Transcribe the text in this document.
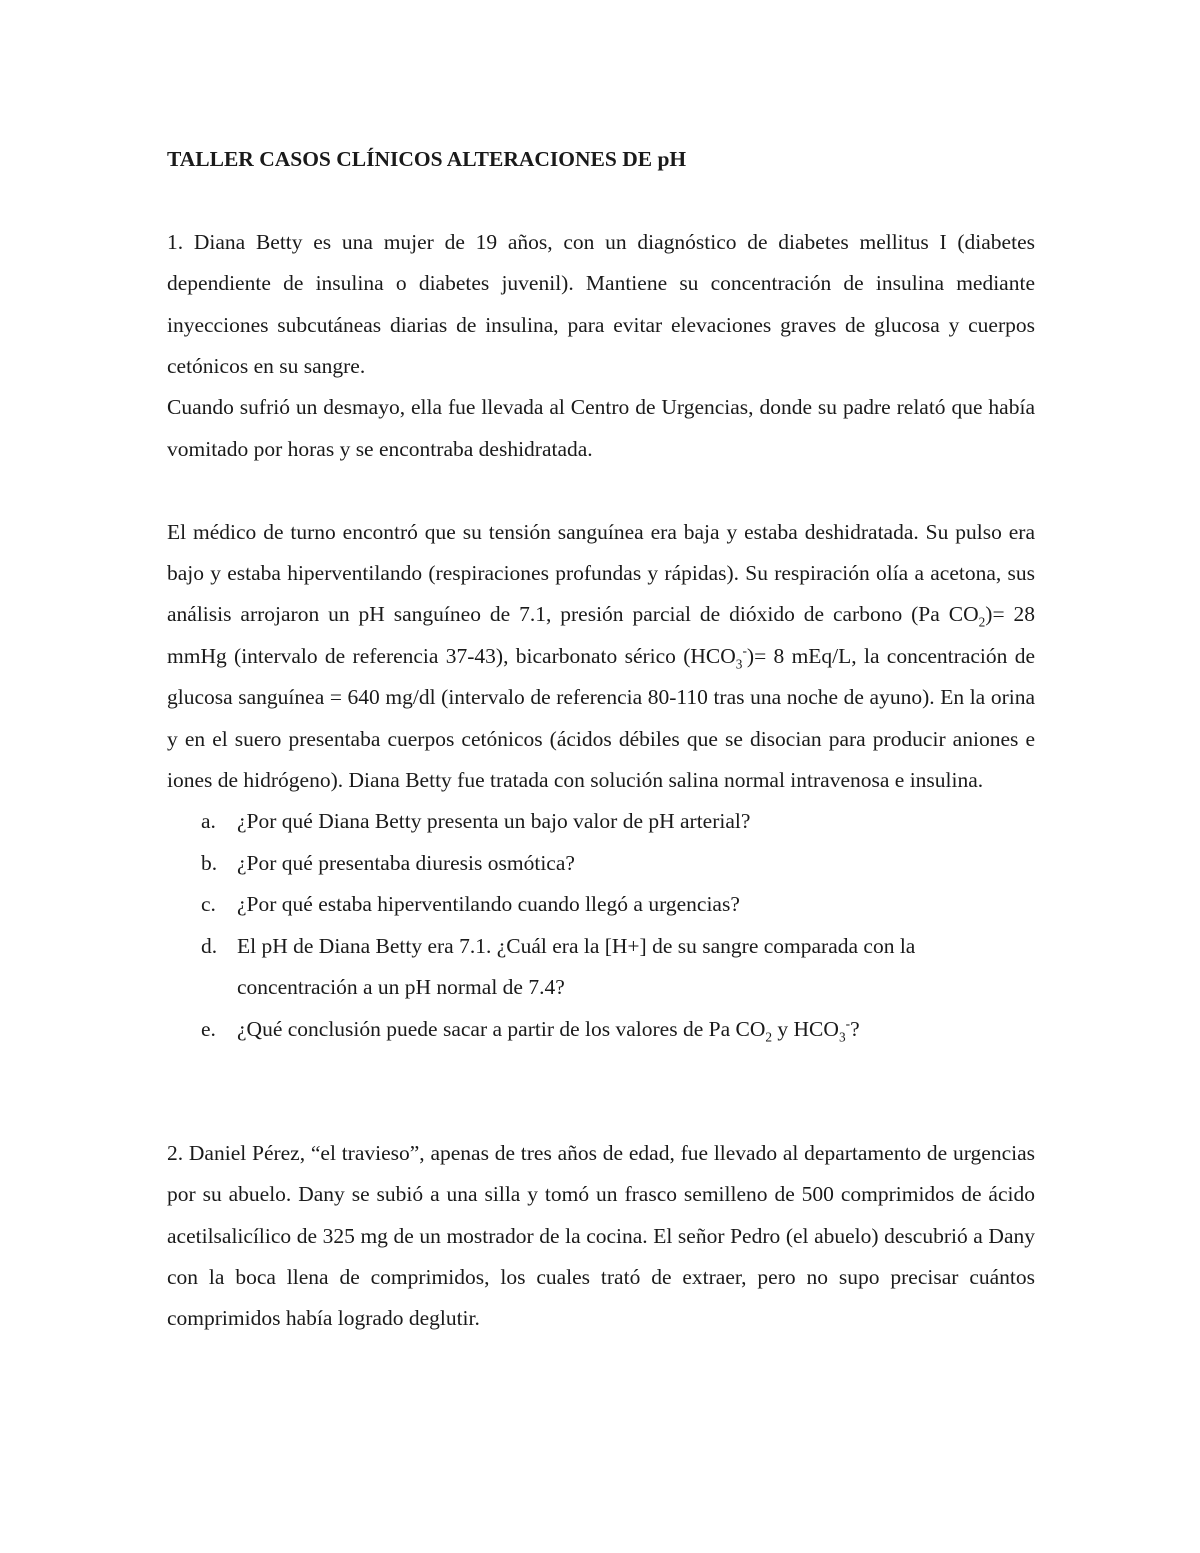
TALLER CASOS CLÍNICOS ALTERACIONES DE pH

1. Diana Betty es una mujer de 19 años, con un diagnóstico de diabetes mellitus I (diabetes dependiente de insulina o diabetes juvenil). Mantiene su concentración de insulina mediante inyecciones subcutáneas diarias de insulina, para evitar elevaciones graves de glucosa y cuerpos cetónicos en su sangre.

Cuando sufrió un desmayo, ella fue llevada al Centro de Urgencias, donde su padre relató que había vomitado por horas y se encontraba deshidratada.

El médico de turno encontró que su tensión sanguínea era baja y estaba deshidratada. Su pulso era bajo y estaba hiperventilando (respiraciones profundas y rápidas). Su respiración olía a acetona, sus análisis arrojaron un pH sanguíneo de 7.1, presión parcial de dióxido de carbono (Pa $CO_2)= 28$ mmHg (intervalo de referencia 37-43), bicarbonato sérico $(HCO_3^-)= 8$ mEq/L, la concentración de glucosa sanguínea = 640 mg/dl (intervalo de referencia 80-110 tras una noche de ayuno). En la orina y en el suero presentaba cuerpos cetónicos (ácidos débiles que se disocian para producir aniones e iones de hidrógeno). Diana Betty fue tratada con solución salina normal intravenosa e insulina.

a. ¿Por qué Diana Betty presenta un bajo valor de pH arterial?
b. ¿Por qué presentaba diuresis osmótica?
c. ¿Por qué estaba hiperventilando cuando llegó a urgencias?
d. El pH de Diana Betty era 7.1. ¿Cuál era la [H+] de su sangre comparada con la concentración a un pH normal de 7.4?
e. ¿Qué conclusión puede sacar a partir de los valores de Pa $CO_2$ y $HCO_3^-$?

2. Daniel Pérez, “el travieso”, apenas de tres años de edad, fue llevado al departamento de urgencias por su abuelo. Dany se subió a una silla y tomó un frasco semilleno de 500 comprimidos de ácido acetilsalicílico de 325 mg de un mostrador de la cocina. El señor Pedro (el abuelo) descubrió a Dany con la boca llena de comprimidos, los cuales trató de extraer, pero no supo precisar cuántos comprimidos había logrado deglutir.
